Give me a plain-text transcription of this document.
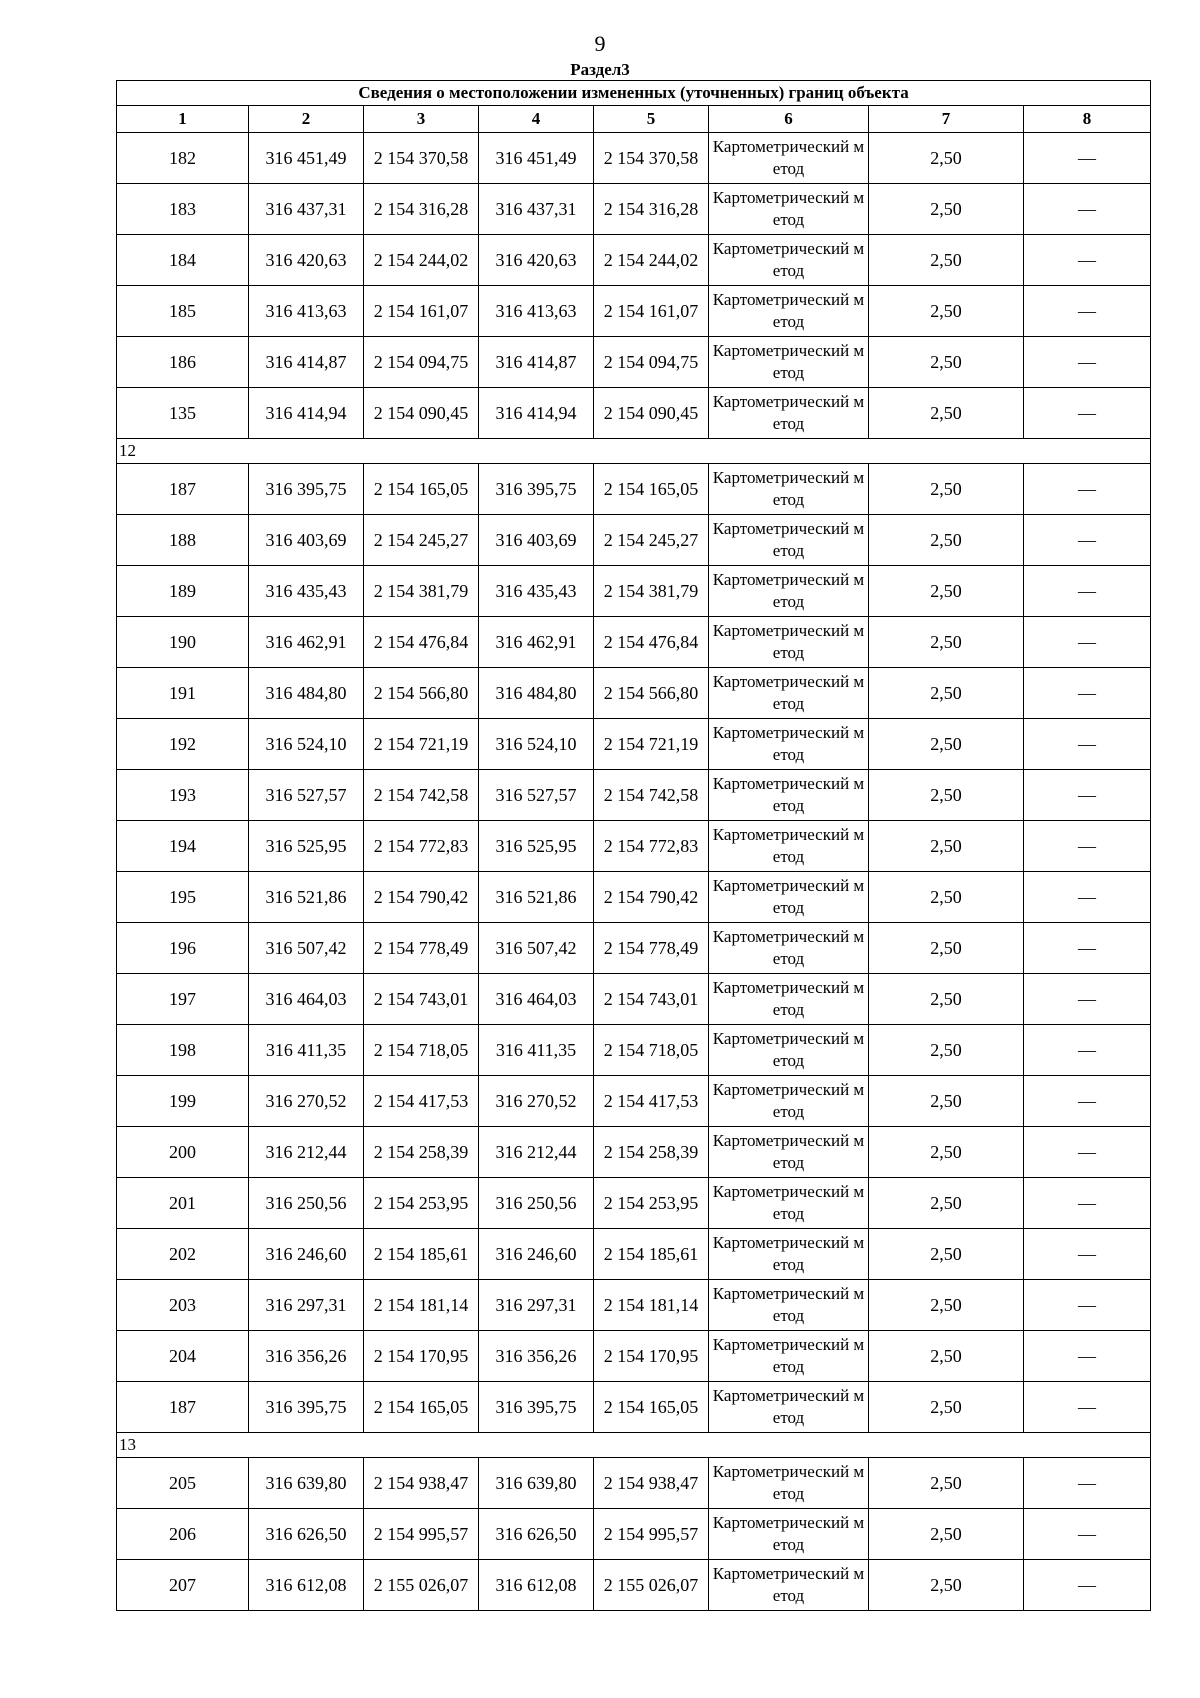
9
Раздел3
Сведения о местоположении измененных (уточненных) границ объекта							
1	2	3	4	5	6	7	8
182	316 451,49	2 154 370,58	316 451,49	2 154 370,58	Картометрический метод	2,50	—
183	316 437,31	2 154 316,28	316 437,31	2 154 316,28	Картометрический метод	2,50	—
184	316 420,63	2 154 244,02	316 420,63	2 154 244,02	Картометрический метод	2,50	—
185	316 413,63	2 154 161,07	316 413,63	2 154 161,07	Картометрический метод	2,50	—
186	316 414,87	2 154 094,75	316 414,87	2 154 094,75	Картометрический метод	2,50	—
135	316 414,94	2 154 090,45	316 414,94	2 154 090,45	Картометрический метод	2,50	—
12							
187	316 395,75	2 154 165,05	316 395,75	2 154 165,05	Картометрический метод	2,50	—
188	316 403,69	2 154 245,27	316 403,69	2 154 245,27	Картометрический метод	2,50	—
189	316 435,43	2 154 381,79	316 435,43	2 154 381,79	Картометрический метод	2,50	—
190	316 462,91	2 154 476,84	316 462,91	2 154 476,84	Картометрический метод	2,50	—
191	316 484,80	2 154 566,80	316 484,80	2 154 566,80	Картометрический метод	2,50	—
192	316 524,10	2 154 721,19	316 524,10	2 154 721,19	Картометрический метод	2,50	—
193	316 527,57	2 154 742,58	316 527,57	2 154 742,58	Картометрический метод	2,50	—
194	316 525,95	2 154 772,83	316 525,95	2 154 772,83	Картометрический метод	2,50	—
195	316 521,86	2 154 790,42	316 521,86	2 154 790,42	Картометрический метод	2,50	—
196	316 507,42	2 154 778,49	316 507,42	2 154 778,49	Картометрический метод	2,50	—
197	316 464,03	2 154 743,01	316 464,03	2 154 743,01	Картометрический метод	2,50	—
198	316 411,35	2 154 718,05	316 411,35	2 154 718,05	Картометрический метод	2,50	—
199	316 270,52	2 154 417,53	316 270,52	2 154 417,53	Картометрический метод	2,50	—
200	316 212,44	2 154 258,39	316 212,44	2 154 258,39	Картометрический метод	2,50	—
201	316 250,56	2 154 253,95	316 250,56	2 154 253,95	Картометрический метод	2,50	—
202	316 246,60	2 154 185,61	316 246,60	2 154 185,61	Картометрический метод	2,50	—
203	316 297,31	2 154 181,14	316 297,31	2 154 181,14	Картометрический метод	2,50	—
204	316 356,26	2 154 170,95	316 356,26	2 154 170,95	Картометрический метод	2,50	—
187	316 395,75	2 154 165,05	316 395,75	2 154 165,05	Картометрический метод	2,50	—
13							
205	316 639,80	2 154 938,47	316 639,80	2 154 938,47	Картометрический метод	2,50	—
206	316 626,50	2 154 995,57	316 626,50	2 154 995,57	Картометрический метод	2,50	—
207	316 612,08	2 155 026,07	316 612,08	2 155 026,07	Картометрический метод	2,50	—
